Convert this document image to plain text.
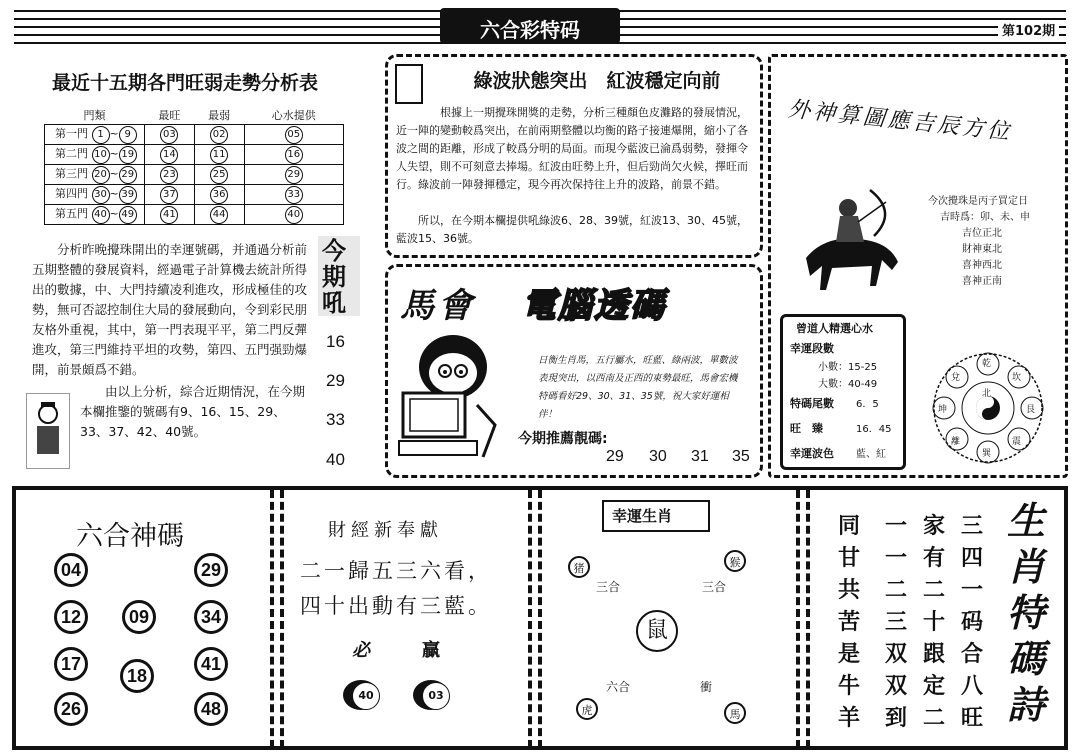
六合彩特码	第102期
最近十五期各門旺弱走勢分析表
門類	最旺	最弱	心水提供
第一門 1 ~ 9	03	02	05
第二門 10 ~ 19	14	11	16
第三門 20 ~ 29	23	25	29
第四門 30 ~ 39	37	36	33
第五門 40 ~ 49	41	44	40
分析昨晚攪珠開出的幸運號碼，并通過分析前五期整體的發展資料，經過電子計算機去統計所得出的數據，中、大門持續凌利進攻，形成極佳的攻勢，無可否認控制住大局的發展動向，令到彩民朋友格外重視，其中，第一門表現平平，第二門反彈進攻，第三門維持平坦的攻勢，第四、五門强勁爆開，前景頗爲不錯。
由以上分析，綜合近期情況，在今期本欄推鑒的號碼有9、16、15、29、33、37、42、40號。
今
期
吼
16
29
33
40
綠波狀態突出　紅波穩定向前
根據上一期攪珠開獎的走勢，分析三種顏色皮灘路的發展情況，近一陣的變動較爲突出，在前兩期整體以均衡的路子接連爆開，縮小了各波之間的距離，形成了較爲分明的局面。而現今藍波已淪爲弱勢，發揮令人失望，則不可刻意去捧場。紅波由旺勢上升，但后勁尚欠火候，擇旺而行。綠波前一陣發揮穩定，現今再次保持往上升的波路，前景不錯。
所以，在今期本欄提供吼綠波6、28、39號，紅波13、30、45號，藍波15、36號。
馬會 電腦透碼
日衡生肖馬，五行屬水，旺藍、綠兩波，單數波表現突出，以西南及正西的東勢最旺，馬會宏機特碼看好29、30、31、35號，祝大家好運相伴！
今期推薦靚碼:
29 30 31 35
外神算圖應吉辰方位
今次攪珠是丙子買定日
吉時爲：卯、未、申
吉位正北
財神東北
喜神西北
喜神正南
曾道人精選心水
幸運段數
小數：15-25
大數：40-49
特碼尾數 6．5
旺　臻	16．45
幸運波色 藍、紅
乾
坎
艮
震
巽
離
坤
兌
北
六合神碼
04	29
12	09	34
17
18
41
26	48
財經新奉獻
二一歸五三六看，
四十出動有三藍。
必	贏
40	03
幸運生肖
猪	猴
三合	三合
鼠
六合	衝
虎	馬
同
甘
共
苦
是
牛
羊
一
一
二
三
双
双
到
家
有
二
十
跟
定
二
三
四
一
码
合
八
旺
生
肖
特
碼
詩
